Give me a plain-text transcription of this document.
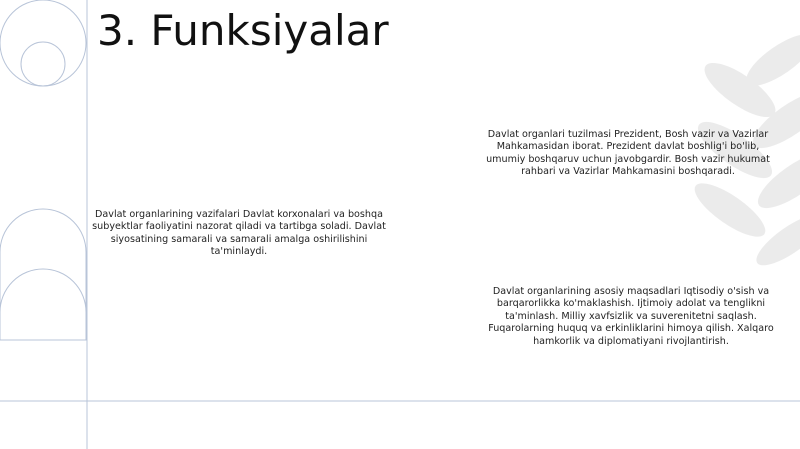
3. Funksiyalar
Davlat organlari tuzilmasi Prezident, Bosh vazir va Vazirlar Mahkamasidan iborat. Prezident davlat boshlig'i bo'lib, umumiy boshqaruv uchun javobgardir. Bosh vazir hukumat rahbari va Vazirlar Mahkamasini boshqaradi.
Davlat organlarining vazifalari Davlat korxonalari va boshqa subyektlar faoliyatini nazorat qiladi va tartibga soladi. Davlat siyosatining samarali va samarali amalga oshirilishini ta'minlaydi.
Davlat organlarining asosiy maqsadlari Iqtisodiy o'sish va barqarorlikka ko'maklashish. Ijtimoiy adolat va tenglikni ta'minlash. Milliy xavfsizlik va suverenitetni saqlash. Fuqarolarning huquq va erkinliklarini himoya qilish. Xalqaro hamkorlik va diplomatiyani rivojlantirish.
